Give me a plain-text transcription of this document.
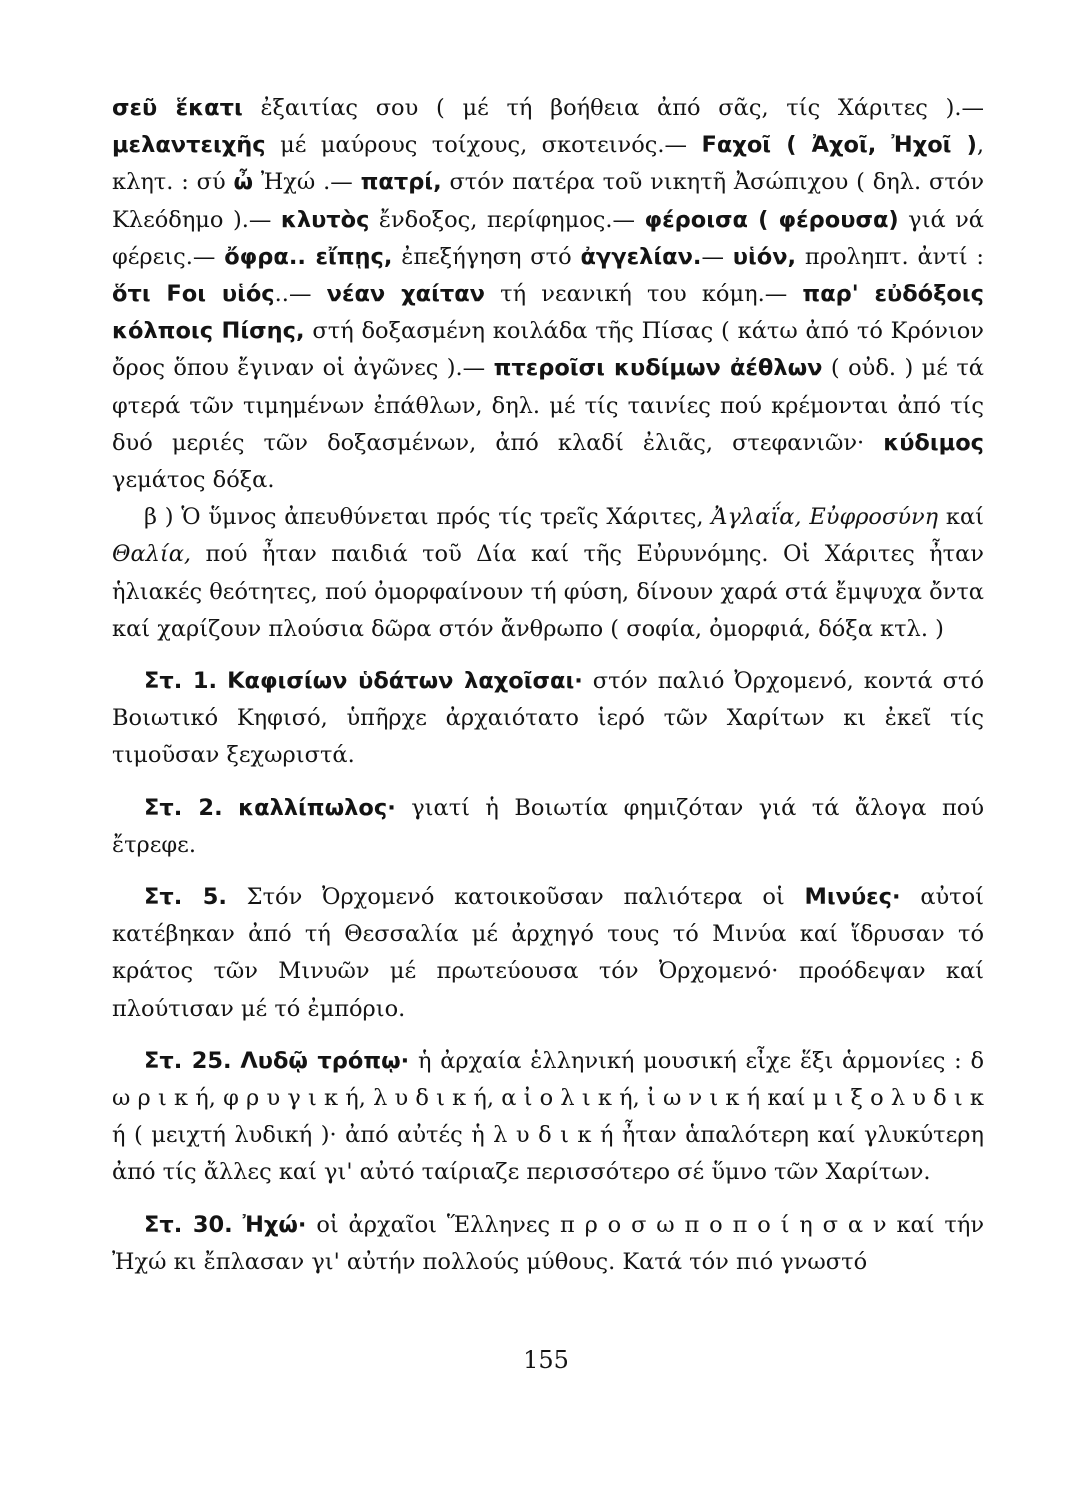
σεῦ ἕκατι ἐξαιτίας σου ( μέ τή βοήθεια ἀπό σᾶς, τίς Χάριτες ).— μελαντειχῆς μέ μαύρους τοίχους, σκοτεινός.— Ϝαχοῖ ( Ἀχοῖ, Ἠχοῖ ), κλητ. : σύ ὦ Ἠχώ .— πατρί, στόν πατέρα τοῦ νικητῆ Ἀσώπιχου ( δηλ. στόν Κλεόδημο ).— κλυτὸς ἔνδοξος, περίφημος.— φέροισα ( φέρουσα) γιά νά φέρεις.— ὄφρα.. εἴπῃς, ἐπεξήγηση στό ἀγγελίαν.— υἱόν, προληπτ. ἀντί : ὅτι Ϝοι υἱός..— νέαν χαίταν τή νεανική του κόμη.— παρ' εὐδόξοις κόλποις Πίσης, στή δοξασμένη κοιλάδα τῆς Πίσας ( κάτω ἀπό τό Κρόνιον ὄρος ὅπου ἔγιναν οἱ ἀγῶνες ).— πτεροῖσι κυδίμων ἀέθλων ( οὐδ. ) μέ τά φτερά τῶν τιμημένων ἐπάθλων, δηλ. μέ τίς ταινίες πού κρέμονται ἀπό τίς δυό μεριές τῶν δοξασμένων, ἀπό κλαδί ἐλιᾶς, στεφανιῶν· κύδιμος γεμάτος δόξα.

β ) Ὁ ὕμνος ἀπευθύνεται πρός τίς τρεῖς Χάριτες, Ἀγλαΐα, Εὐφροσύνη καί Θαλία, πού ἦταν παιδιά τοῦ Δία καί τῆς Εὐρυνόμης. Οἱ Χάριτες ἦταν ἡλιακές θεότητες, πού ὀμορφαίνουν τή φύση, δίνουν χαρά στά ἔμψυχα ὄντα καί χαρίζουν πλούσια δῶρα στόν ἄνθρωπο ( σοφία, ὀμορφιά, δόξα κτλ. )

Στ. 1. Καφισίων ὑδάτων λαχοῖσαι· στόν παλιό Ὀρχομενό, κοντά στό Βοιωτικό Κηφισό, ὑπῆρχε ἀρχαιότατο ἱερό τῶν Χαρίτων κι ἐκεῖ τίς τιμοῦσαν ξεχωριστά.

Στ. 2. καλλίπωλος· γιατί ἡ Βοιωτία φημιζόταν γιά τά ἄλογα πού ἔτρεφε.

Στ. 5. Στόν Ὀρχομενό κατοικοῦσαν παλιότερα οἱ Μινύες· αὐτοί κατέβηκαν ἀπό τή Θεσσαλία μέ ἀρχηγό τους τό Μινύα καί ἵδρυσαν τό κράτος τῶν Μινυῶν μέ πρωτεύουσα τόν Ὀρχομενό· προόδεψαν καί πλούτισαν μέ τό ἐμπόριο.

Στ. 25. Λυδῷ τρόπῳ· ἡ ἀρχαία ἑλληνική μουσική εἶχε ἕξι ἁρμονίες : δ ω ρ ι κ ή, φ ρ υ γ ι κ ή, λ υ δ ι κ ή, α ἰ ο λ ι κ ή, ἰ ω ν ι κ ή καί μ ι ξ ο λ υ δ ι κ ή ( μειχτή λυδική )· ἀπό αὐτές ἡ λ υ δ ι κ ή ἦταν ἁπαλότερη καί γλυκύτερη ἀπό τίς ἄλλες καί γι' αὐτό ταίριαζε περισσότερο σέ ὕμνο τῶν Χαρίτων.

Στ. 30. Ἠχώ· οἱ ἀρχαῖοι Ἕλληνες π ρ ο σ ω π ο π ο ί η σ α ν καί τήν Ἠχώ κι ἔπλασαν γι' αὐτήν πολλούς μύθους. Κατά τόν πιό γνωστό

155
